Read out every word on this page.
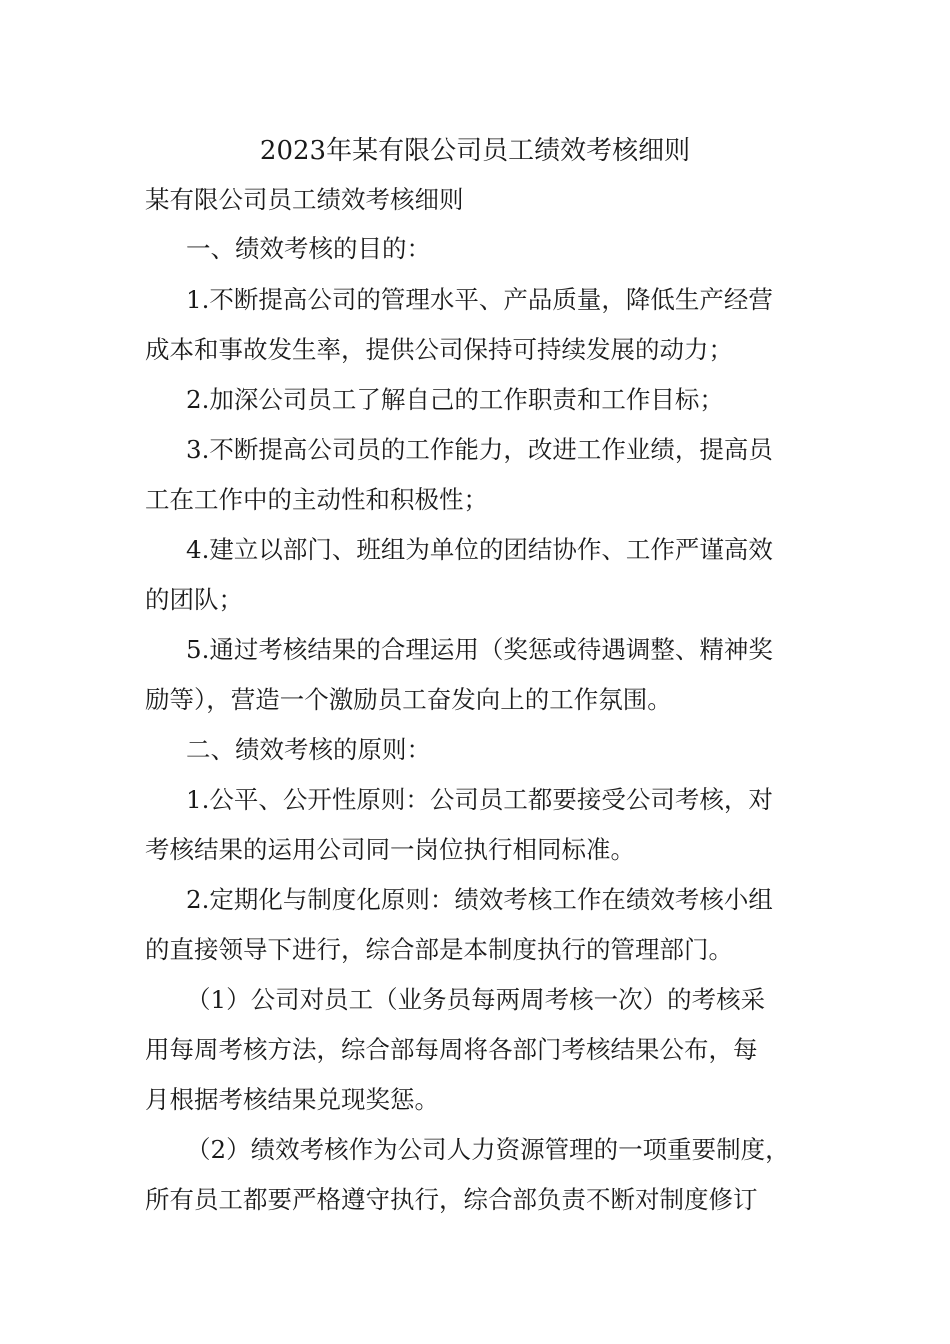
2023年某有限公司员工绩效考核细则
某有限公司员工绩效考核细则
一、绩效考核的目的：
1.不断提高公司的管理水平、产品质量，降低生产经营
成本和事故发生率，提供公司保持可持续发展的动力；
2.加深公司员工了解自己的工作职责和工作目标；
3.不断提高公司员的工作能力，改进工作业绩，提高员
工在工作中的主动性和积极性；
4.建立以部门、班组为单位的团结协作、工作严谨高效
的团队；
5.通过考核结果的合理运用（奖惩或待遇调整、精神奖
励等），营造一个激励员工奋发向上的工作氛围。
二、绩效考核的原则：
1.公平、公开性原则：公司员工都要接受公司考核，对
考核结果的运用公司同一岗位执行相同标准。
2.定期化与制度化原则：绩效考核工作在绩效考核小组
的直接领导下进行，综合部是本制度执行的管理部门。
（1）公司对员工（业务员每两周考核一次）的考核采
用每周考核方法，综合部每周将各部门考核结果公布，每
月根据考核结果兑现奖惩。
（2）绩效考核作为公司人力资源管理的一项重要制度，
所有员工都要严格遵守执行，综合部负责不断对制度修订
